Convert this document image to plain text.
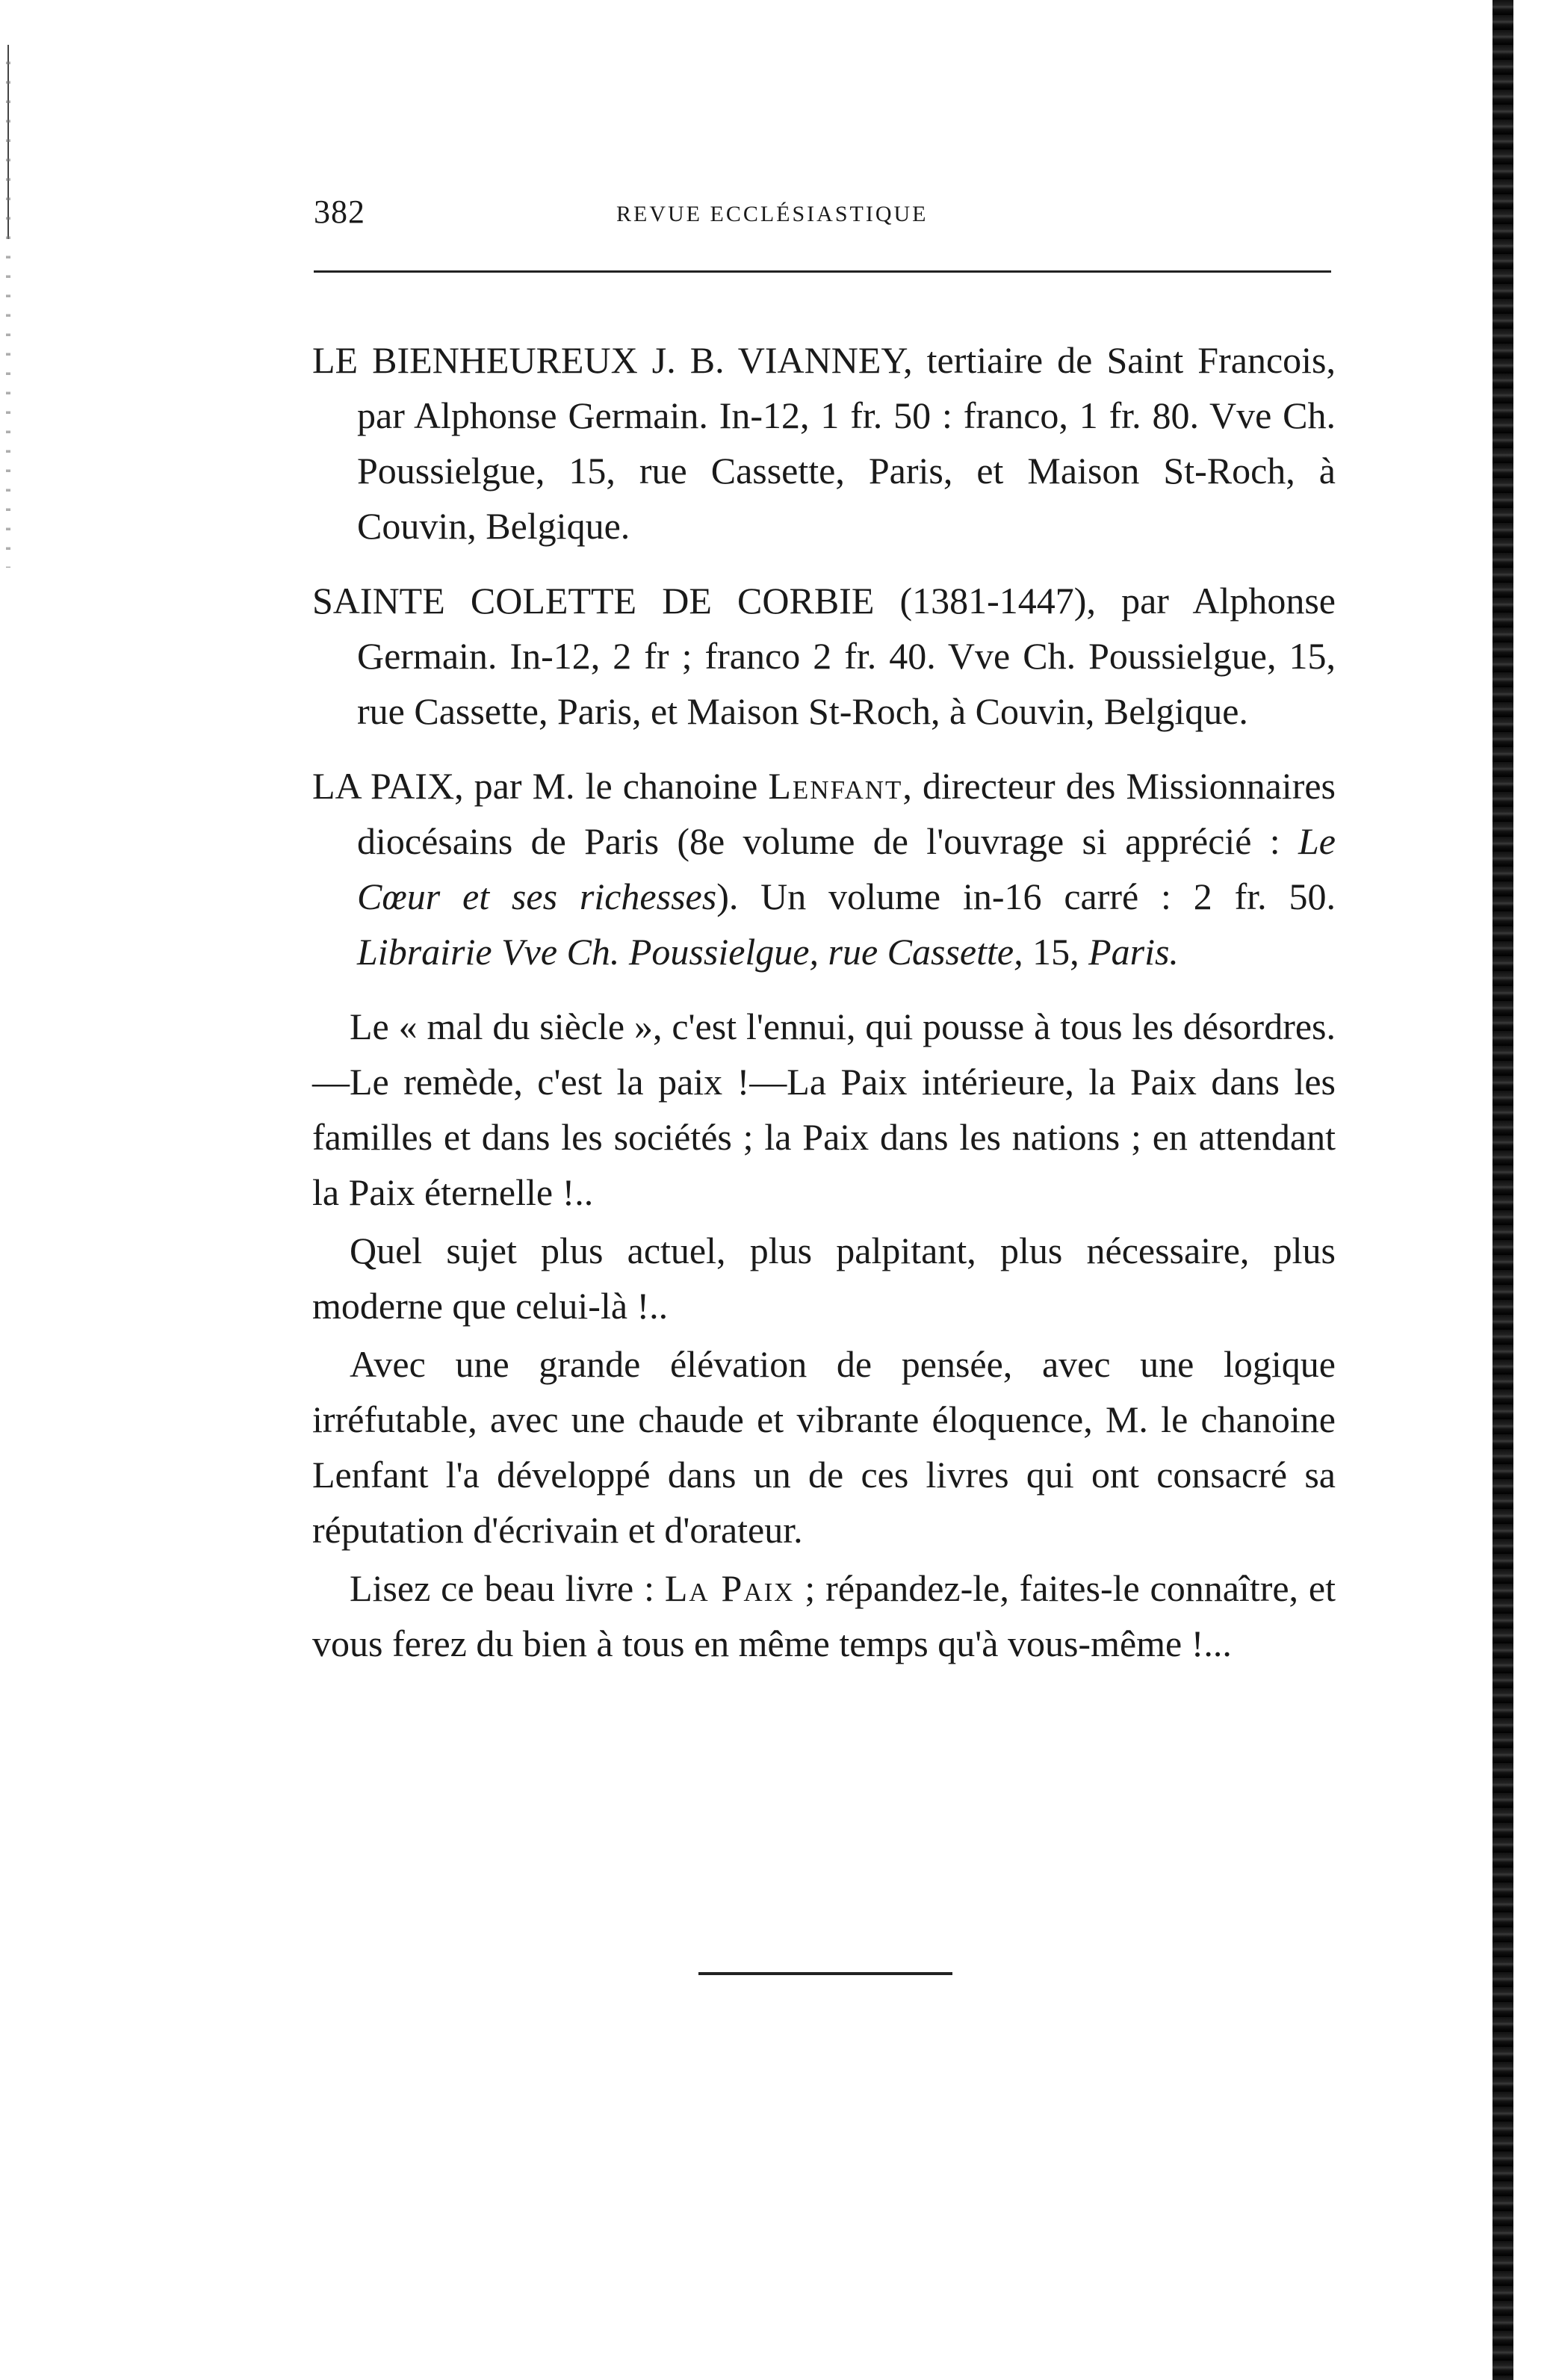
382	REVUE ECCLÉSIASTIQUE

LE BIENHEUREUX J. B. VIANNEY, tertiaire de Saint Francois, par Alphonse Germain. In-12, 1 fr. 50 : franco, 1 fr. 80. Vve Ch. Poussielgue, 15, rue Cassette, Paris, et Maison St-Roch, à Couvin, Belgique.

SAINTE COLETTE DE CORBIE (1381-1447), par Alphonse Germain. In-12, 2 fr ; franco 2 fr. 40. Vve Ch. Poussielgue, 15, rue Cassette, Paris, et Maison St-Roch, à Couvin, Belgique.

LA PAIX, par M. le chanoine Lenfant, directeur des Missionnaires diocésains de Paris (8e volume de l'ouvrage si apprécié : Le Cœur et ses richesses). Un volume in-16 carré : 2 fr. 50. Librairie Vve Ch. Poussielgue, rue Cassette, 15, Paris.

Le « mal du siècle », c'est l'ennui, qui pousse à tous les désordres.—Le remède, c'est la paix !—La Paix intérieure, la Paix dans les familles et dans les sociétés ; la Paix dans les nations ; en attendant la Paix éternelle !..

Quel sujet plus actuel, plus palpitant, plus nécessaire, plus moderne que celui-là !..

Avec une grande élévation de pensée, avec une logique irréfutable, avec une chaude et vibrante éloquence, M. le chanoine Lenfant l'a développé dans un de ces livres qui ont consacré sa réputation d'écrivain et d'orateur.

Lisez ce beau livre : La Paix ; répandez-le, faites-le connaître, et vous ferez du bien à tous en même temps qu'à vous-même !...
